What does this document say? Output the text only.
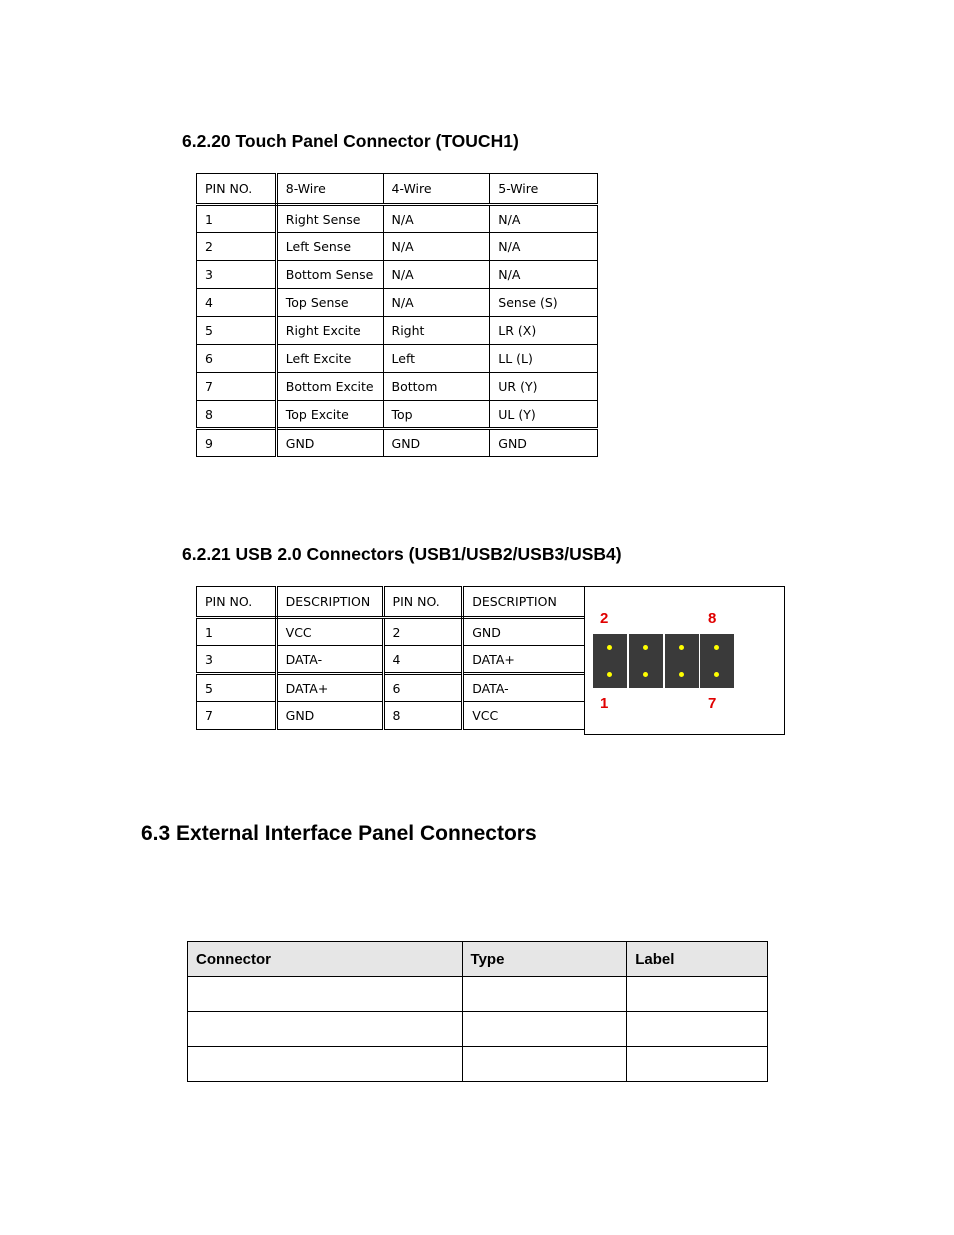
6.2.20 Touch Panel Connector (TOUCH1)
PIN NO.	8-Wire	4-Wire	5-Wire
1	Right Sense	N/A	N/A
2	Left Sense	N/A	N/A
3	Bottom Sense	N/A	N/A
4	Top Sense	N/A	Sense (S)
5	Right Excite	Right	LR (X)
6	Left Excite	Left	LL (L)
7	Bottom Excite	Bottom	UR (Y)
8	Top Excite	Top	UL (Y)
9	GND	GND	GND
6.2.21 USB 2.0 Connectors (USB1/USB2/USB3/USB4)
PIN NO.	DESCRIPTION	PIN NO.	DESCRIPTION
1	VCC	2	GND
3	DATA-	4	DATA+
5	DATA+	6	DATA-
7	GND	8	VCC
2	8
1	7
6.3 External Interface Panel Connectors
Connector	Type	Label
